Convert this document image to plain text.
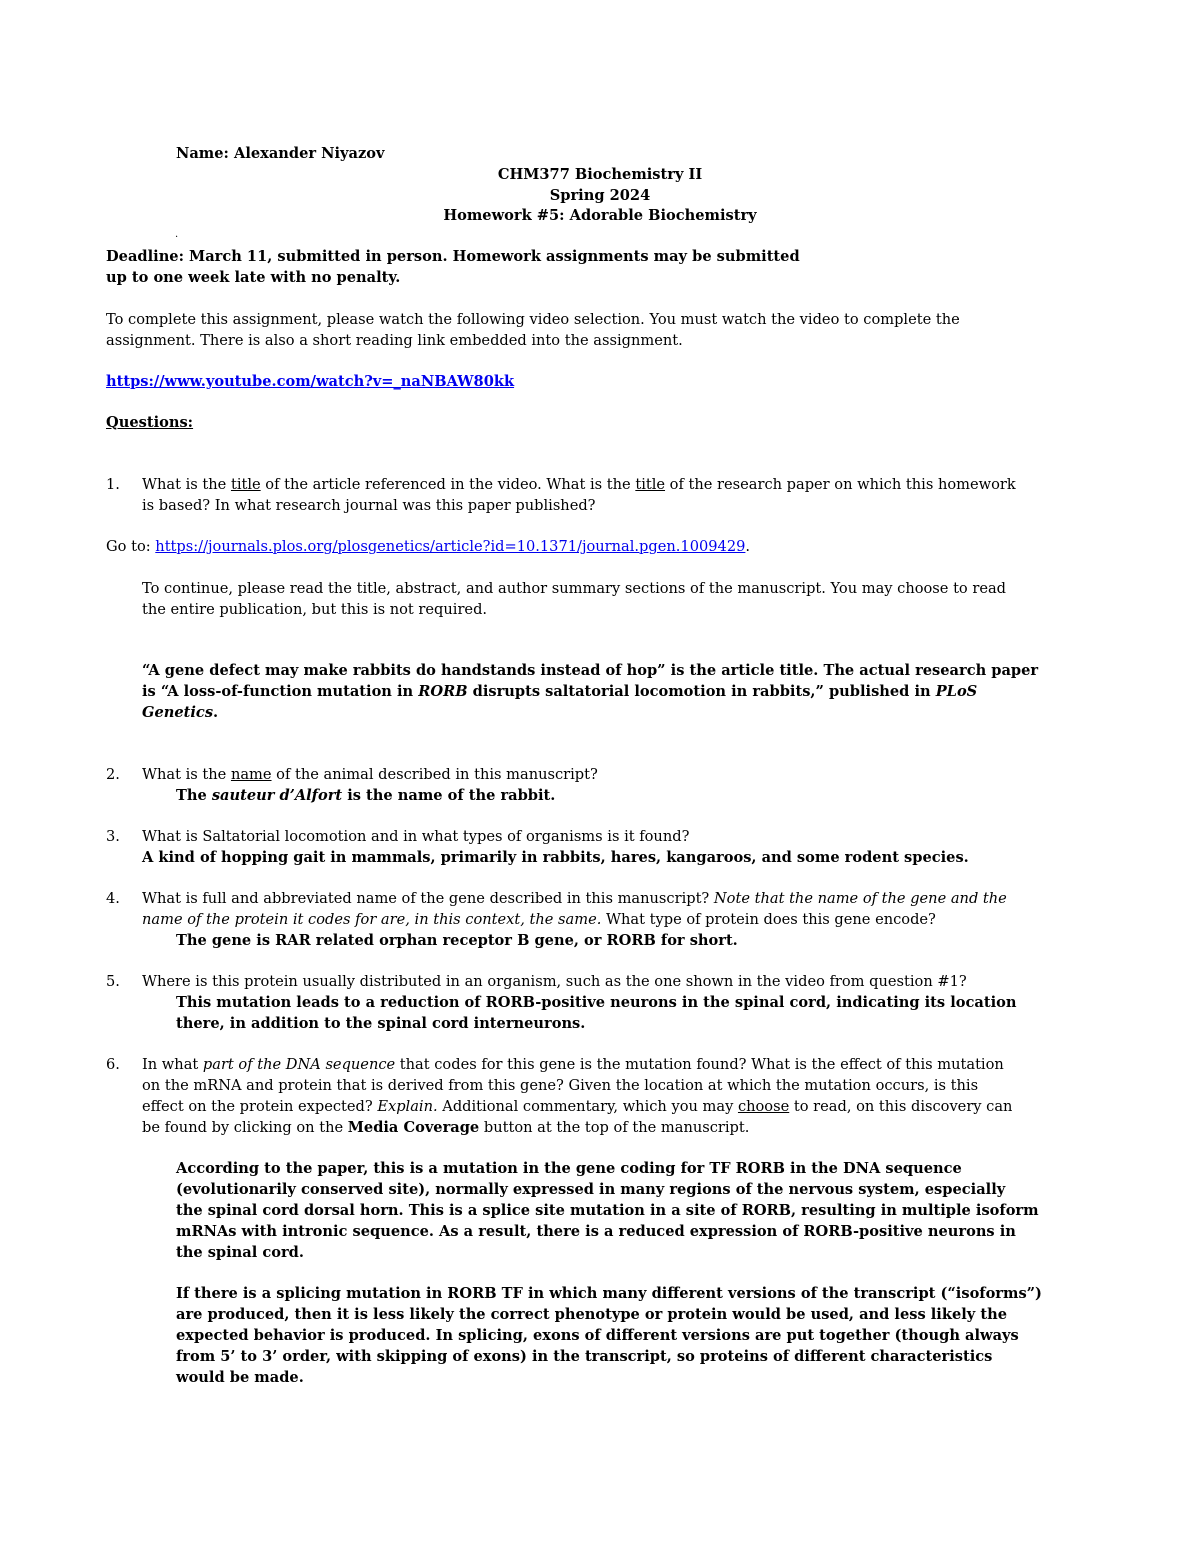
Name: Alexander Niyazov
CHM377 Biochemistry II
Spring 2024
Homework #5: Adorable Biochemistry
.
Deadline: March 11, submitted in person. Homework assignments may be submitted
up to one week late with no penalty.
To complete this assignment, please watch the following video selection. You must watch the video to complete the
assignment. There is also a short reading link embedded into the assignment.
https://www.youtube.com/watch?v=_naNBAW80kk
Questions:
1. What is the title of the article referenced in the video. What is the title of the research paper on which this homework
is based? In what research journal was this paper published?
Go to: https://journals.plos.org/plosgenetics/article?id=10.1371/journal.pgen.1009429.
To continue, please read the title, abstract, and author summary sections of the manuscript. You may choose to read
the entire publication, but this is not required.
“A gene defect may make rabbits do handstands instead of hop” is the article title. The actual research paper
is “A loss-of-function mutation in RORB disrupts saltatorial locomotion in rabbits,” published in PLoS
Genetics.
2. What is the name of the animal described in this manuscript?
The sauteur d’Alfort is the name of the rabbit.
3. What is Saltatorial locomotion and in what types of organisms is it found?
A kind of hopping gait in mammals, primarily in rabbits, hares, kangaroos, and some rodent species.
4. What is full and abbreviated name of the gene described in this manuscript? Note that the name of the gene and the
name of the protein it codes for are, in this context, the same. What type of protein does this gene encode?
The gene is RAR related orphan receptor B gene, or RORB for short.
5. Where is this protein usually distributed in an organism, such as the one shown in the video from question #1?
This mutation leads to a reduction of RORB-positive neurons in the spinal cord, indicating its location
there, in addition to the spinal cord interneurons.
6. In what part of the DNA sequence that codes for this gene is the mutation found? What is the effect of this mutation
on the mRNA and protein that is derived from this gene? Given the location at which the mutation occurs, is this
effect on the protein expected? Explain. Additional commentary, which you may choose to read, on this discovery can
be found by clicking on the Media Coverage button at the top of the manuscript.
According to the paper, this is a mutation in the gene coding for TF RORB in the DNA sequence
(evolutionarily conserved site), normally expressed in many regions of the nervous system, especially
the spinal cord dorsal horn. This is a splice site mutation in a site of RORB, resulting in multiple isoform
mRNAs with intronic sequence. As a result, there is a reduced expression of RORB-positive neurons in
the spinal cord.
If there is a splicing mutation in RORB TF in which many different versions of the transcript (“isoforms”)
are produced, then it is less likely the correct phenotype or protein would be used, and less likely the
expected behavior is produced. In splicing, exons of different versions are put together (though always
from 5’ to 3’ order, with skipping of exons) in the transcript, so proteins of different characteristics
would be made.
